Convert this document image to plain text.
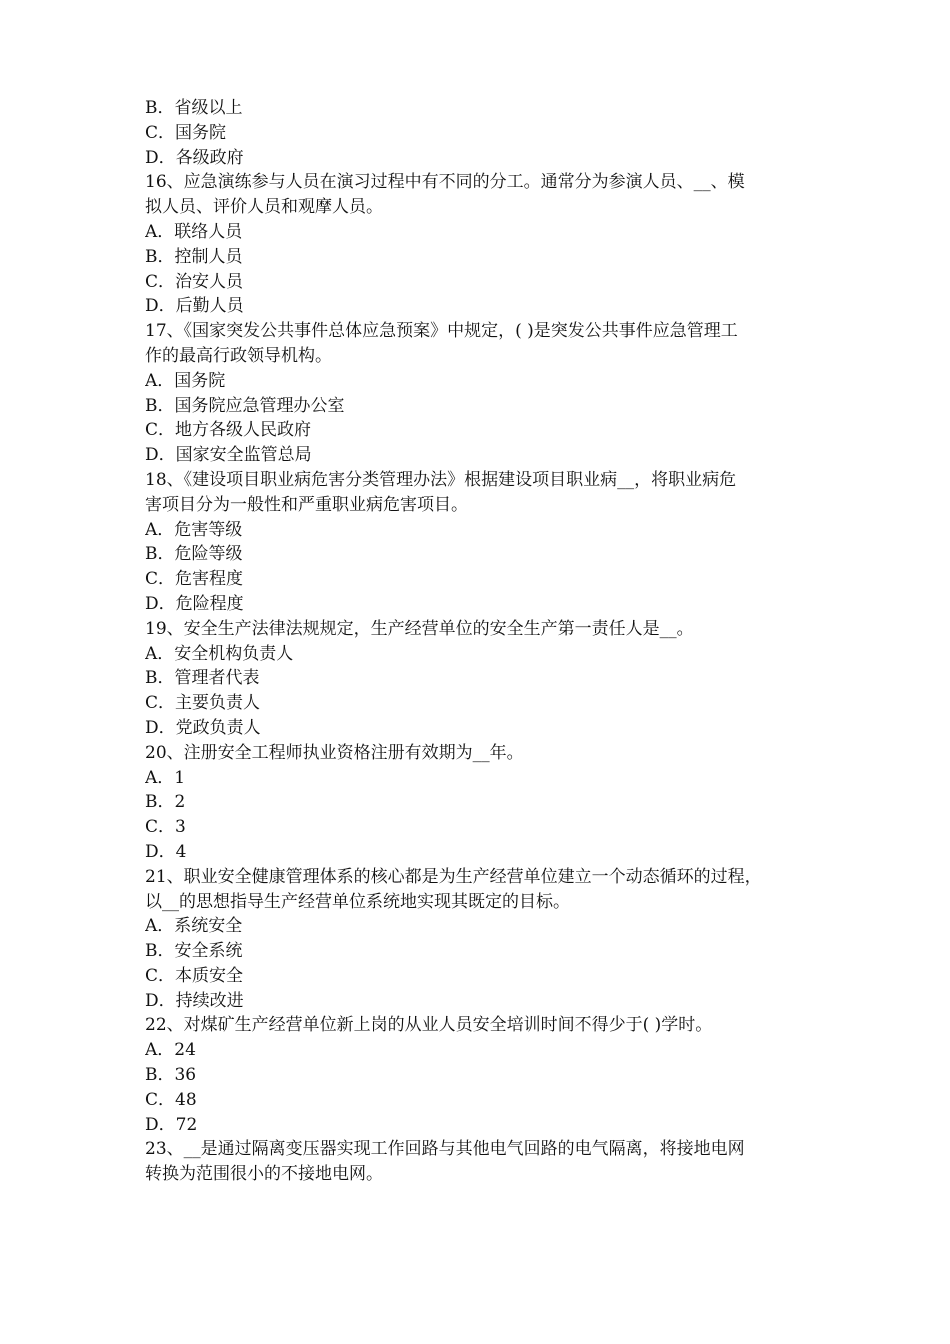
B．省级以上
C．国务院
D．各级政府
16、应急演练参与人员在演习过程中有不同的分工。通常分为参演人员、__、模
拟人员、评价人员和观摩人员。
A．联络人员
B．控制人员
C．治安人员
D．后勤人员
17、《国家突发公共事件总体应急预案》中规定，( )是突发公共事件应急管理工
作的最高行政领导机构。
A．国务院
B．国务院应急管理办公室
C．地方各级人民政府
D．国家安全监管总局
18、《建设项目职业病危害分类管理办法》根据建设项目职业病__，将职业病危
害项目分为一般性和严重职业病危害项目。
A．危害等级
B．危险等级
C．危害程度
D．危险程度
19、安全生产法律法规规定，生产经营单位的安全生产第一责任人是__。
A．安全机构负责人
B．管理者代表
C．主要负责人
D．党政负责人
20、注册安全工程师执业资格注册有效期为__年。
A．1
B．2
C．3
D．4
21、职业安全健康管理体系的核心都是为生产经营单位建立一个动态循环的过程，
以__的思想指导生产经营单位系统地实现其既定的目标。
A．系统安全
B．安全系统
C．本质安全
D．持续改进
22、对煤矿生产经营单位新上岗的从业人员安全培训时间不得少于( )学时。
A．24
B．36
C．48
D．72
23、__是通过隔离变压器实现工作回路与其他电气回路的电气隔离，将接地电网
转换为范围很小的不接地电网。
